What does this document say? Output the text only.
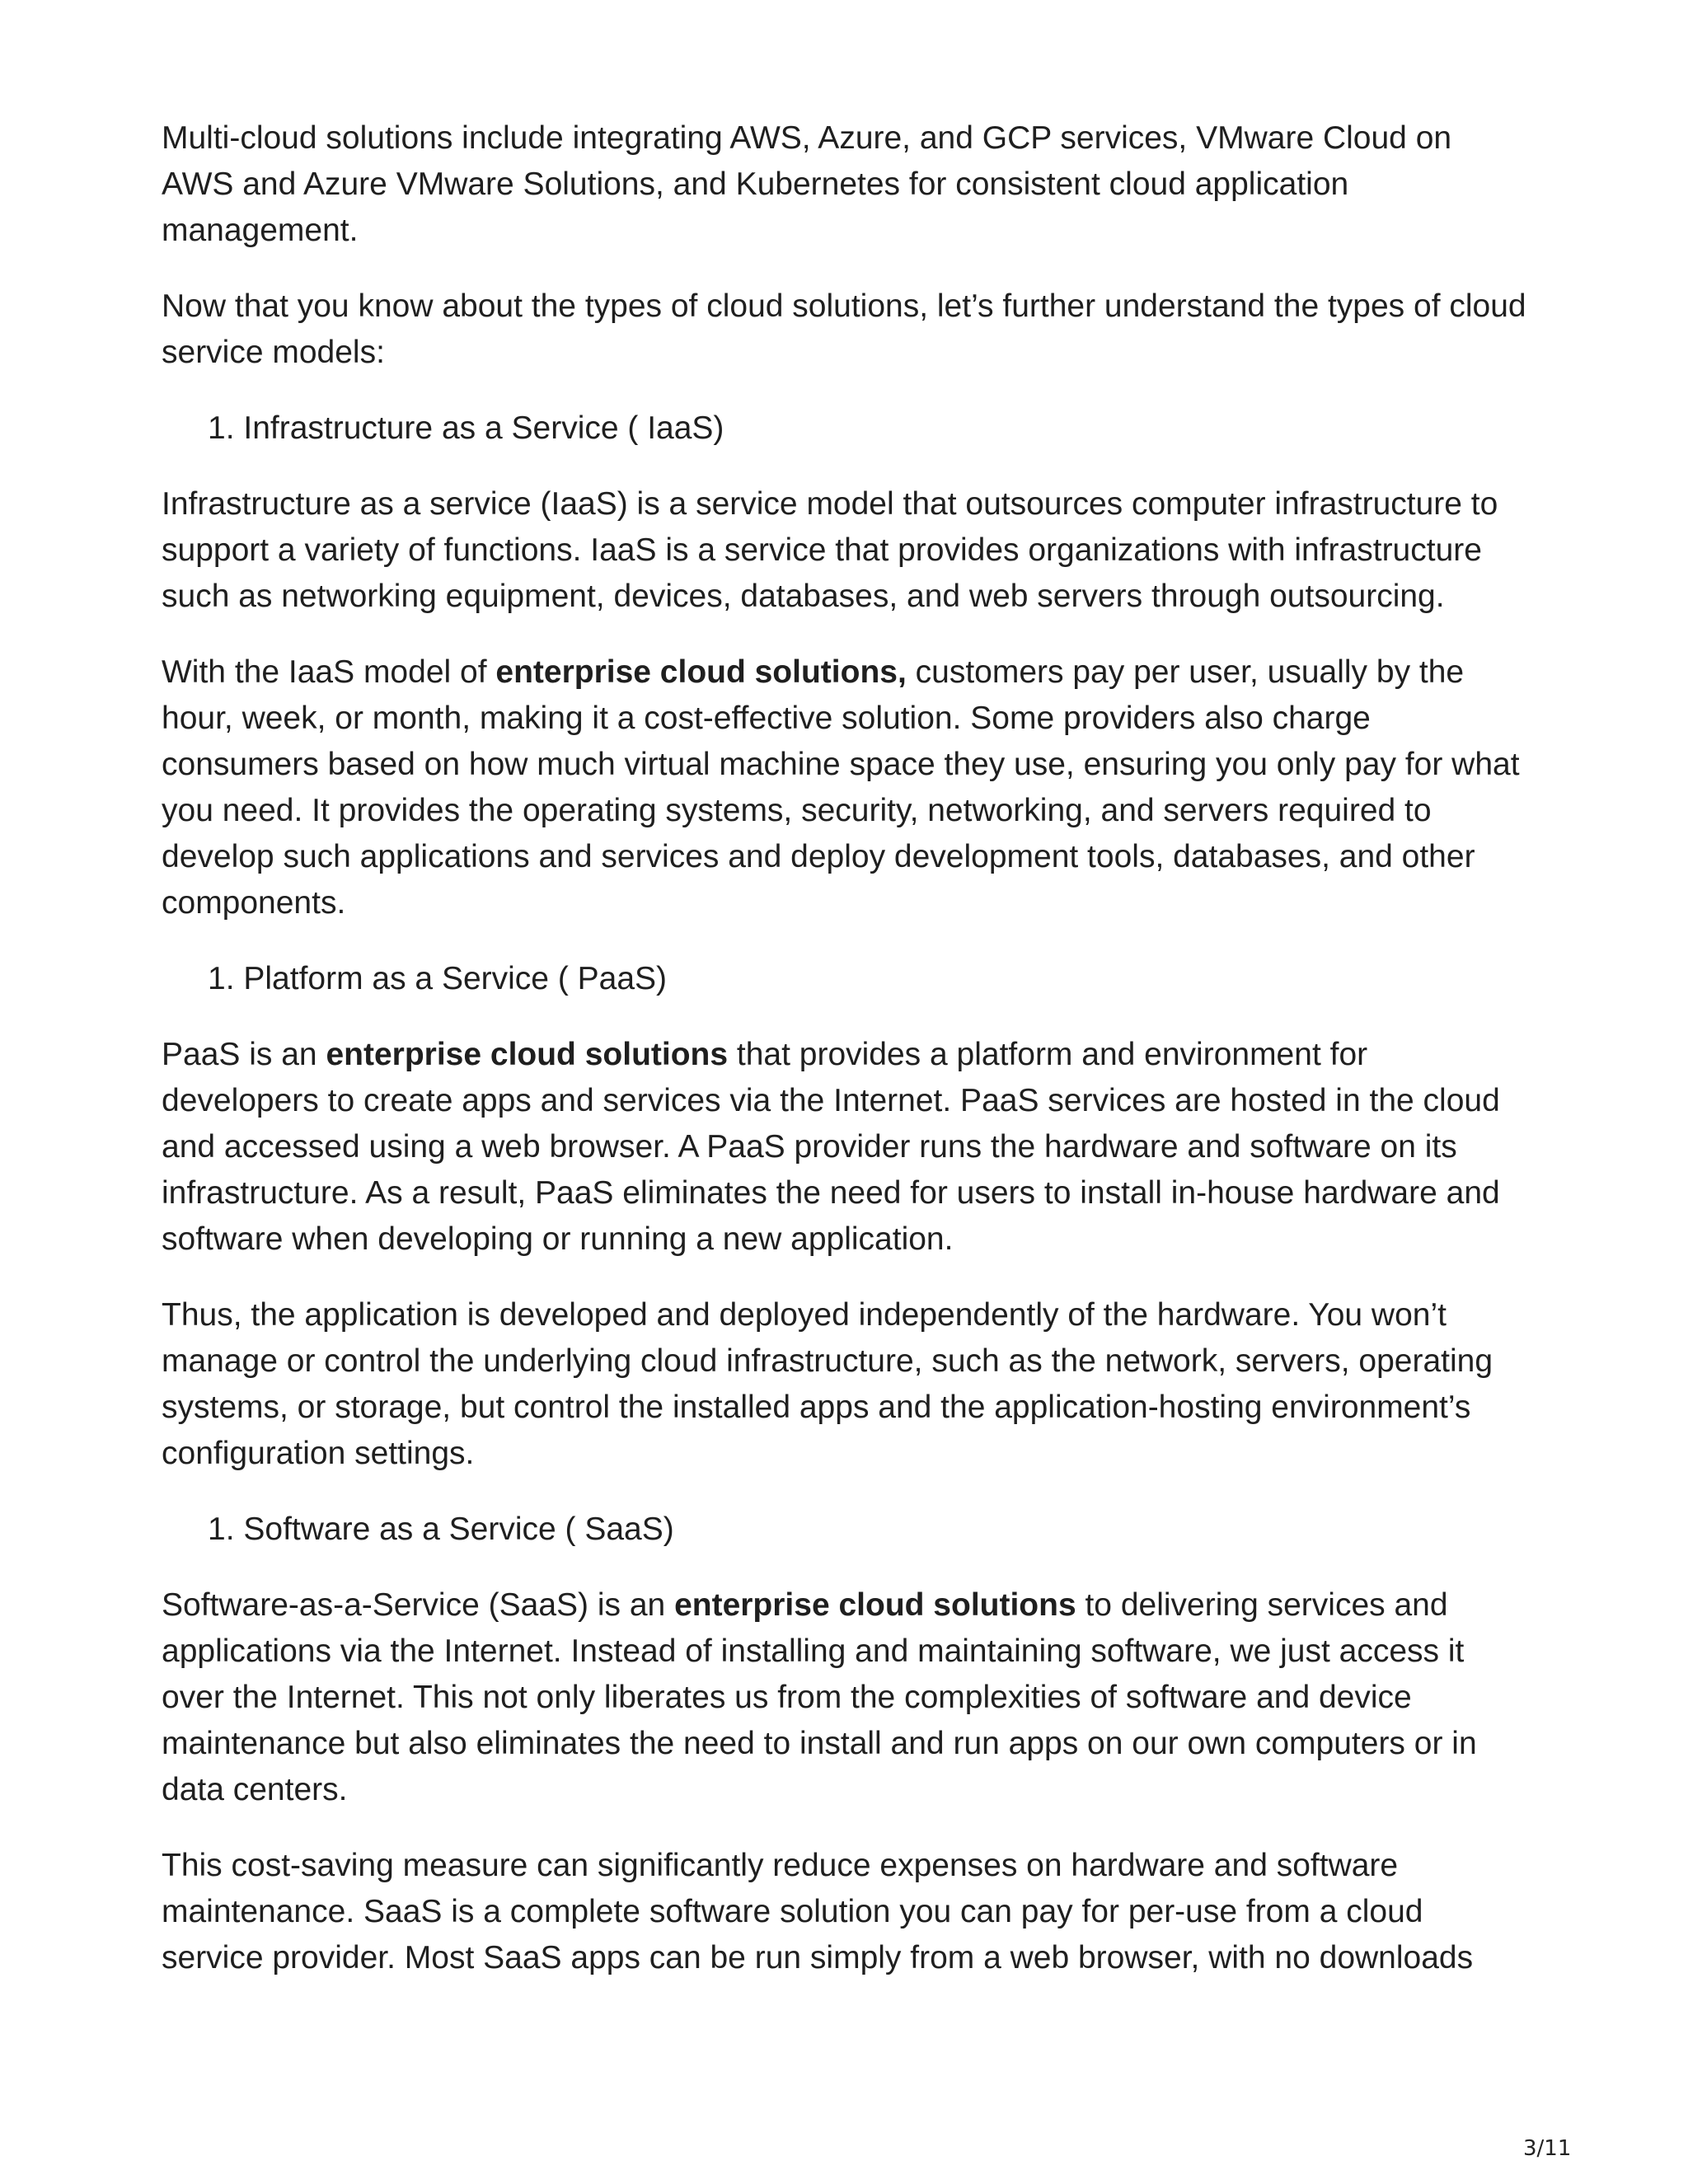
Multi-cloud solutions include integrating AWS, Azure, and GCP services, VMware Cloud on AWS and Azure VMware Solutions, and Kubernetes for consistent cloud application management.

Now that you know about the types of cloud solutions, let’s further understand the types of cloud service models:

1. Infrastructure as a Service ( IaaS)

Infrastructure as a service (IaaS) is a service model that outsources computer infrastructure to support a variety of functions. IaaS is a service that provides organizations with infrastructure such as networking equipment, devices, databases, and web servers through outsourcing.

With the IaaS model of enterprise cloud solutions, customers pay per user, usually by the hour, week, or month, making it a cost-effective solution. Some providers also charge consumers based on how much virtual machine space they use, ensuring you only pay for what you need. It provides the operating systems, security, networking, and servers required to develop such applications and services and deploy development tools, databases, and other components.

1. Platform as a Service ( PaaS)

PaaS is an enterprise cloud solutions that provides a platform and environment for developers to create apps and services via the Internet. PaaS services are hosted in the cloud and accessed using a web browser. A PaaS provider runs the hardware and software on its infrastructure. As a result, PaaS eliminates the need for users to install in-house hardware and software when developing or running a new application.

Thus, the application is developed and deployed independently of the hardware. You won’t manage or control the underlying cloud infrastructure, such as the network, servers, operating systems, or storage, but control the installed apps and the application-hosting environment’s configuration settings.

1. Software as a Service ( SaaS)

Software-as-a-Service (SaaS) is an enterprise cloud solutions to delivering services and applications via the Internet. Instead of installing and maintaining software, we just access it over the Internet. This not only liberates us from the complexities of software and device maintenance but also eliminates the need to install and run apps on our own computers or in data centers.

This cost-saving measure can significantly reduce expenses on hardware and software maintenance. SaaS is a complete software solution you can pay for per-use from a cloud service provider. Most SaaS apps can be run simply from a web browser, with no downloads

3/11
